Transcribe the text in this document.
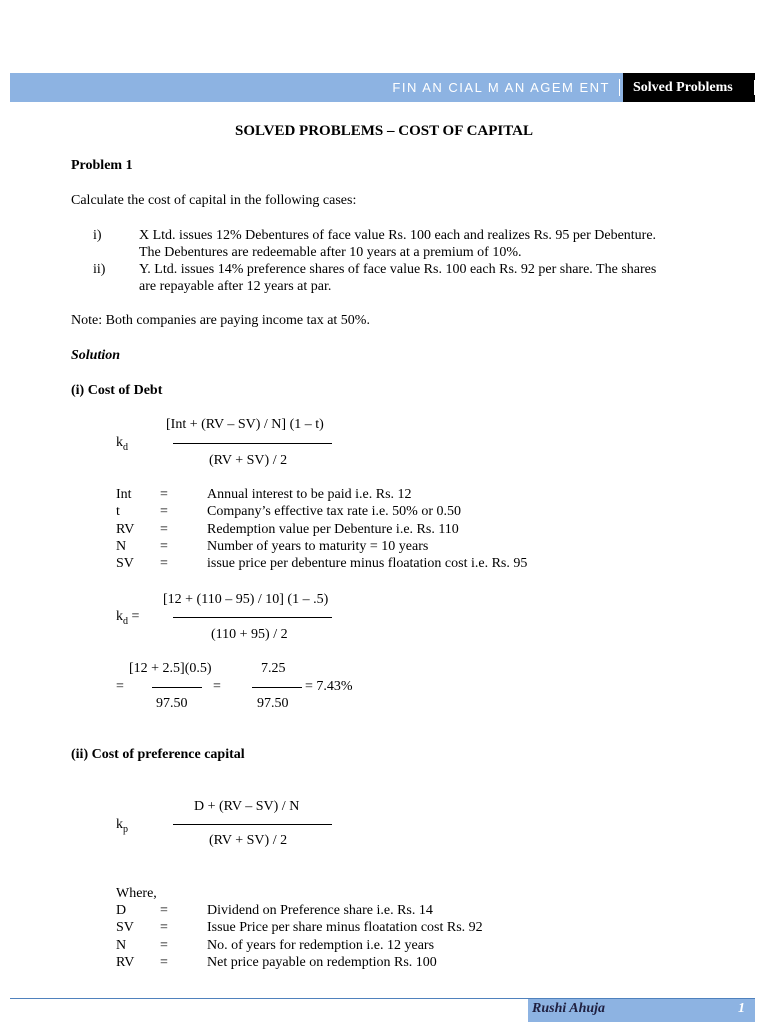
FIN AN CIAL M AN AGEM ENT	Solved Problems
SOLVED PROBLEMS – COST OF CAPITAL
Problem 1
Calculate the cost of capital in the following cases:
i)	X Ltd. issues 12% Debentures of face value Rs. 100 each and realizes Rs. 95 per Debenture.
The Debentures are redeemable after 10 years at a premium of 10%.
ii) Y. Ltd. issues 14% preference shares of face value Rs. 100 each Rs. 92 per share. The shares
are repayable after 12 years at par.
Note: Both companies are paying income tax at 50%.
Solution
(i) Cost of Debt
$k_d$
[Int + (RV – SV) / N] (1 – t)
(RV + SV) / 2
Int =	Annual interest to be paid i.e. Rs. 12
t	=	Company’s effective tax rate i.e. 50% or 0.50
RV =	Redemption value per Debenture i.e. Rs. 110
N =	Number of years to maturity = 10 years
SV =	issue price per debenture minus floatation cost i.e. Rs. 95
$k_d$ =
[12 + (110 – 95) / 10] (1 – .5)
(110 + 95) / 2
=
[12 + 2.5](0.5)
97.50
=
7.25
97.50
= 7.43%
(ii) Cost of preference capital
$k_p$
D + (RV – SV) / N
(RV + SV) / 2
Where,
D =	Dividend on Preference share i.e. Rs. 14
SV =	Issue Price per share minus floatation cost Rs. 92
N =	No. of years for redemption i.e. 12 years
RV =	Net price payable on redemption Rs. 100
Rushi Ahuja	1
